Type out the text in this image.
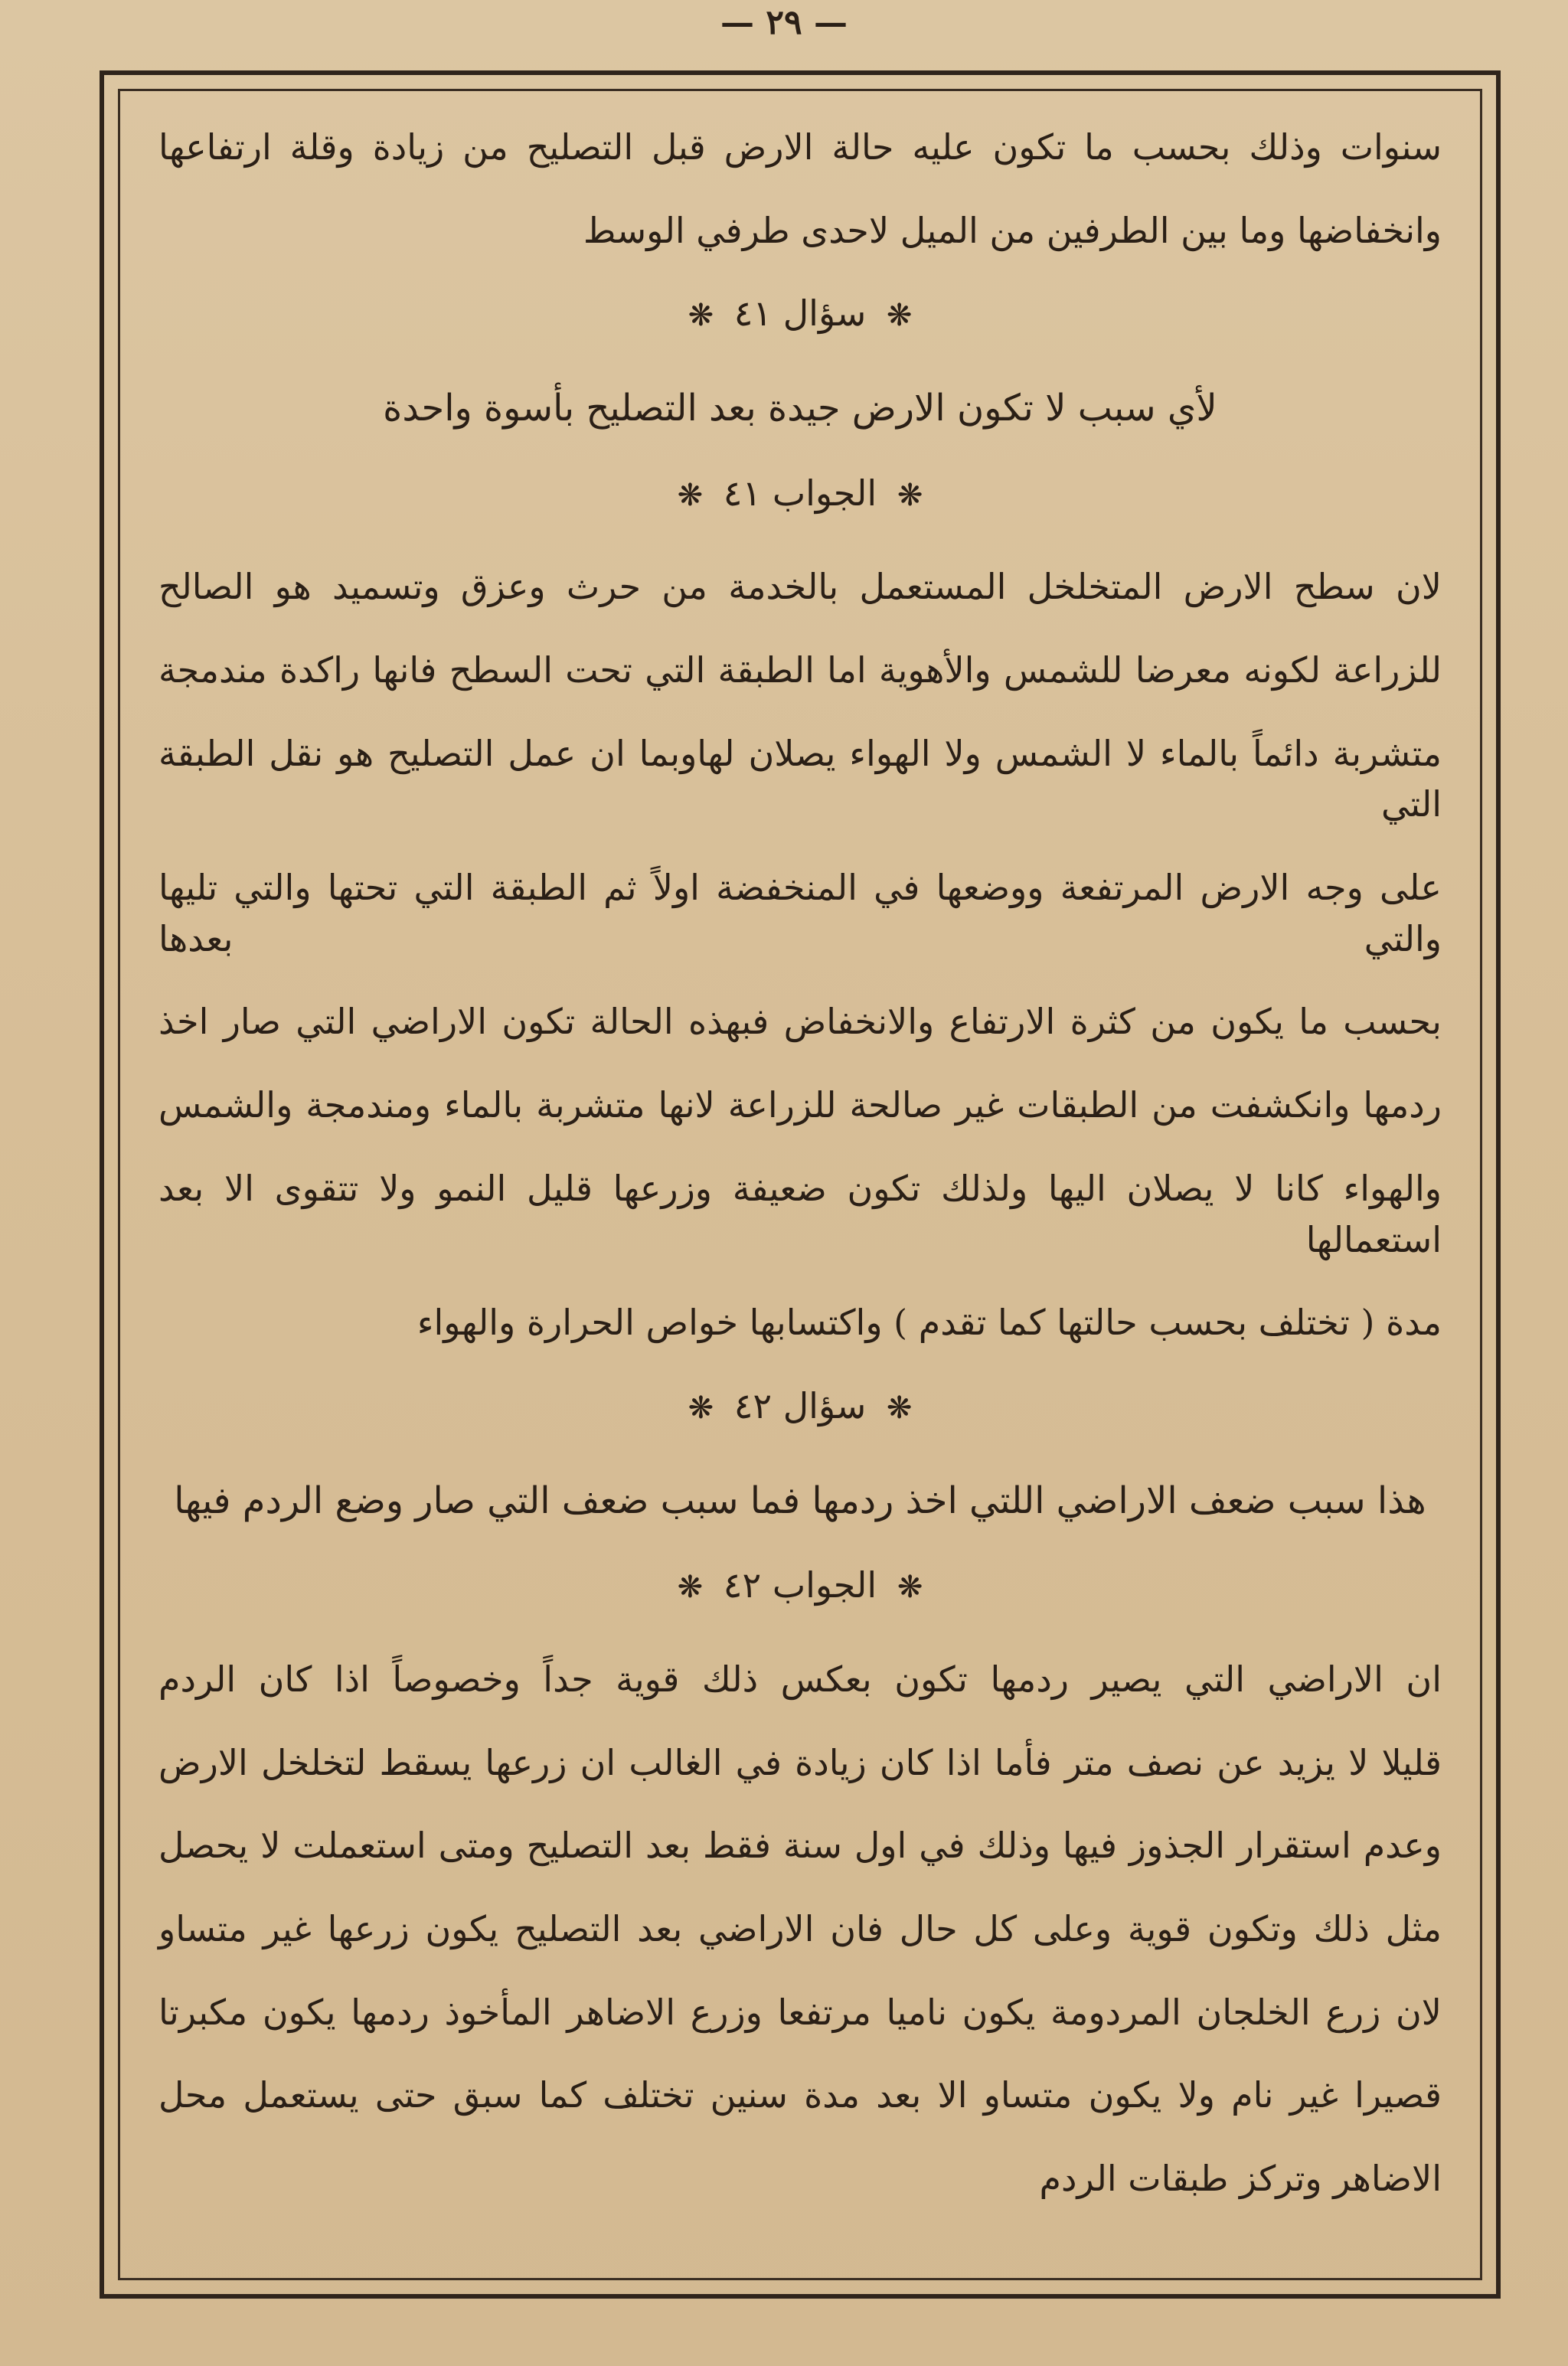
— ٢٩ —
سنوات وذلك بحسب ما تكون عليه حالة الارض قبل التصليح من زيادة وقلة ارتفاعها
وانخفاضها وما بين الطرفين من الميل لاحدى طرفي الوسط
❋ سؤال ٤١ ❋
لأي سبب لا تكون الارض جيدة بعد التصليح بأسوة واحدة
❋ الجواب ٤١ ❋
لان سطح الارض المتخلخل المستعمل بالخدمة من حرث وعزق وتسميد هو الصالح
للزراعة لكونه معرضا للشمس والأهوية اما الطبقة التي تحت السطح فانها راكدة مندمجة
متشربة دائماً بالماء لا الشمس ولا الهواء يصلان لهاوبما ان عمل التصليح هو نقل الطبقة التي
على وجه الارض المرتفعة ووضعها في المنخفضة اولاً ثم الطبقة التي تحتها والتي تليها والتي بعدها
بحسب ما يكون من كثرة الارتفاع والانخفاض فبهذه الحالة تكون الاراضي التي صار اخذ
ردمها وانكشفت من الطبقات غير صالحة للزراعة لانها متشربة بالماء ومندمجة والشمس
والهواء كانا لا يصلان اليها ولذلك تكون ضعيفة وزرعها قليل النمو ولا تتقوى الا بعد استعمالها
مدة ( تختلف بحسب حالتها كما تقدم ) واكتسابها خواص الحرارة والهواء
❋ سؤال ٤٢ ❋
هذا سبب ضعف الاراضي اللتي اخذ ردمها فما سبب ضعف التي صار وضع الردم فيها
❋ الجواب ٤٢ ❋
ان الاراضي التي يصير ردمها تكون بعكس ذلك قوية جداً وخصوصاً اذا كان الردم
قليلا لا يزيد عن نصف متر فأما اذا كان زيادة في الغالب ان زرعها يسقط لتخلخل الارض
وعدم استقرار الجذوز فيها وذلك في اول سنة فقط بعد التصليح ومتى استعملت لا يحصل
مثل ذلك وتكون قوية وعلى كل حال فان الاراضي بعد التصليح يكون زرعها غير متساو
لان زرع الخلجان المردومة يكون ناميا مرتفعا وزرع الاضاهر المأخوذ ردمها يكون مكبرتا
قصيرا غير نام ولا يكون متساو الا بعد مدة سنين تختلف كما سبق حتى يستعمل محل
الاضاهر وتركز طبقات الردم
